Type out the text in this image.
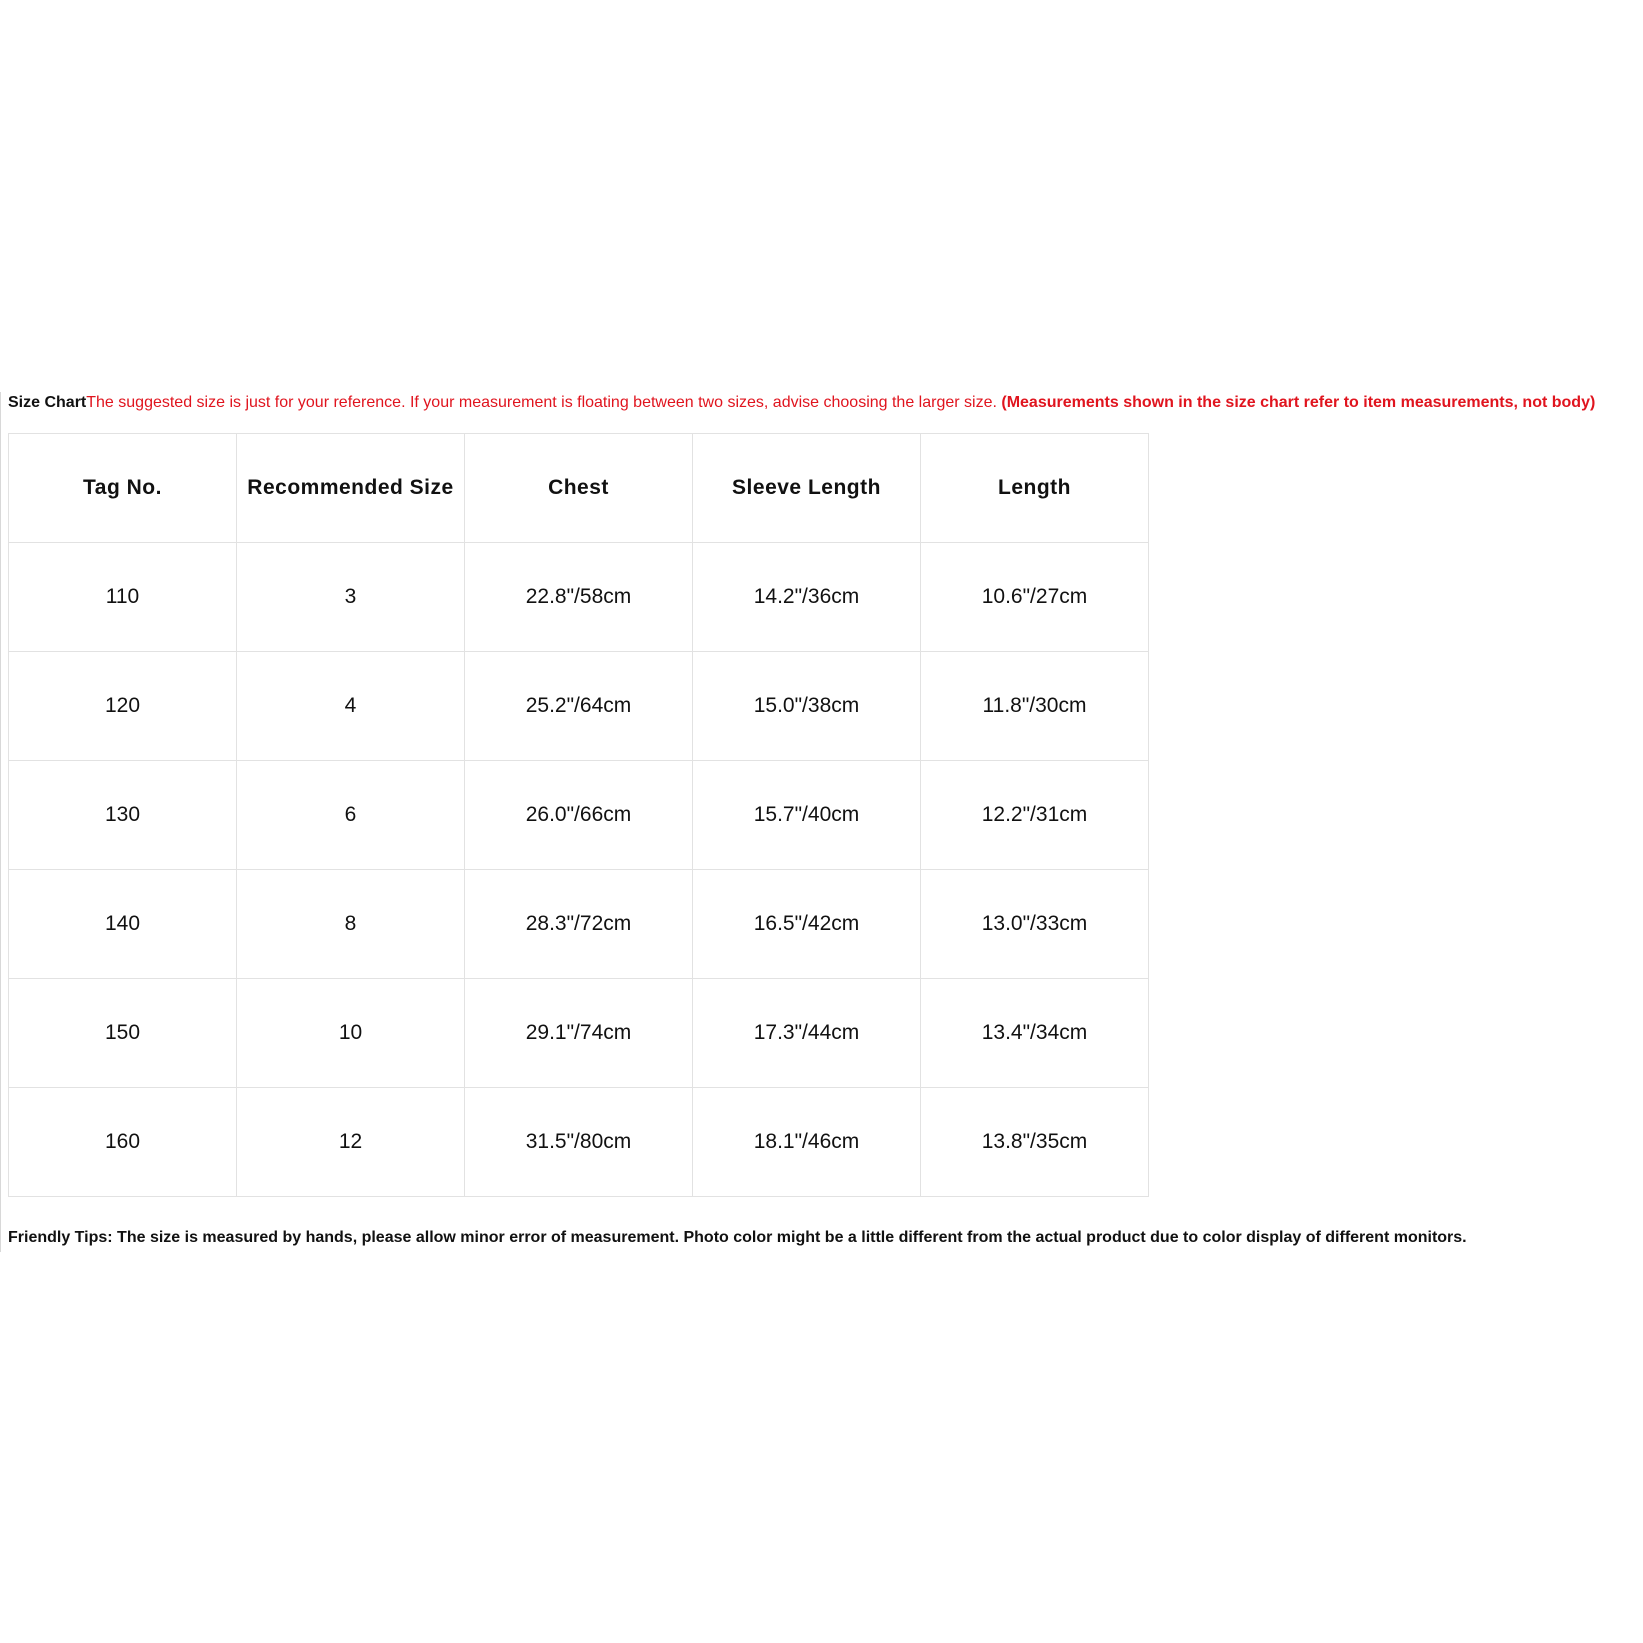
Size ChartThe suggested size is just for your reference. If your measurement is floating between two sizes, advise choosing the larger size. (Measurements shown in the size chart refer to item measurements, not body)

Tag No.	Recommended Size	Chest	Sleeve Length	Length
110	3	22.8"/58cm	14.2"/36cm	10.6"/27cm
120	4	25.2"/64cm	15.0"/38cm	11.8"/30cm
130	6	26.0"/66cm	15.7"/40cm	12.2"/31cm
140	8	28.3"/72cm	16.5"/42cm	13.0"/33cm
150	10	29.1"/74cm	17.3"/44cm	13.4"/34cm
160	12	31.5"/80cm	18.1"/46cm	13.8"/35cm

Friendly Tips: The size is measured by hands, please allow minor error of measurement. Photo color might be a little different from the actual product due to color display of different monitors.
